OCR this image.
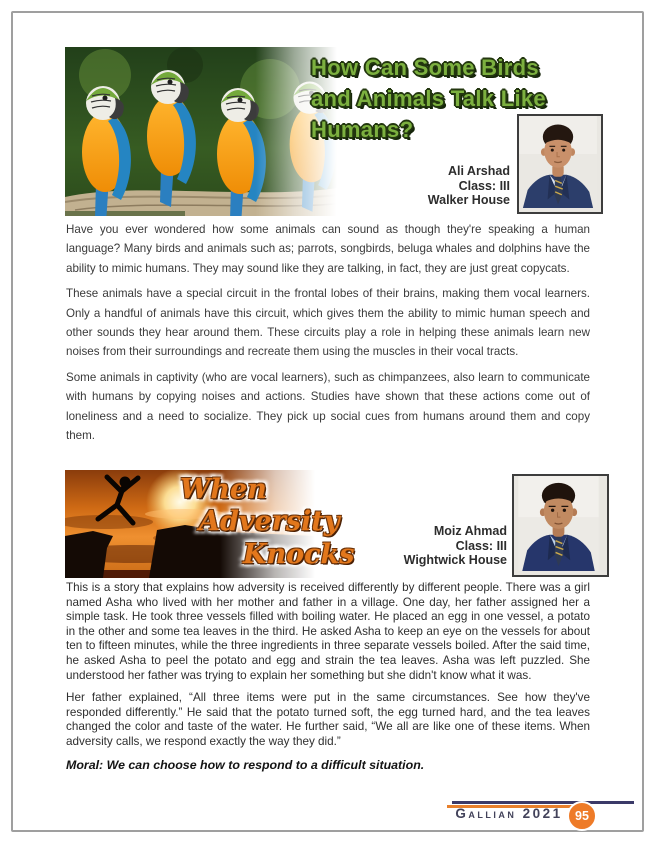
How Can Some Birds
and Animals Talk Like
Humans?
Ali Arshad
Class: III
Walker House

Have you ever wondered how some animals can sound as though they're speaking a human language? Many birds and animals such as; parrots, songbirds, beluga whales and dolphins have the ability to mimic humans. They may sound like they are talking, in fact, they are just great copycats.

These animals have a special circuit in the frontal lobes of their brains, making them vocal learners. Only a handful of animals have this circuit, which gives them the ability to mimic human speech and other sounds they hear around them. These circuits play a role in helping these animals learn new noises from their surroundings and recreate them using the muscles in their vocal tracts.

Some animals in captivity (who are vocal learners), such as chimpanzees, also learn to communicate with humans by copying noises and actions. Studies have shown that these actions come out of loneliness and a need to socialize. They pick up social cues from humans around them and copy them.

When
Adversity
Knocks
Moiz Ahmad
Class: III
Wightwick House

This is a story that explains how adversity is received differently by different people. There was a girl named Asha who lived with her mother and father in a village. One day, her father assigned her a simple task. He took three vessels filled with boiling water. He placed an egg in one vessel, a potato in the other and some tea leaves in the third. He asked Asha to keep an eye on the vessels for about ten to fifteen minutes, while the three ingredients in three separate vessels boiled. After the said time, he asked Asha to peel the potato and egg and strain the tea leaves. Asha was left puzzled. She understood her father was trying to explain her something but she didn't know what it was.

Her father explained, “All three items were put in the same circumstances. See how they've responded differently.” He said that the potato turned soft, the egg turned hard, and the tea leaves changed the color and taste of the water. He further said, “We all are like one of these items. When adversity calls, we respond exactly the way they did.”

Moral: We can choose how to respond to a difficult situation.

Gallian 2021 95
